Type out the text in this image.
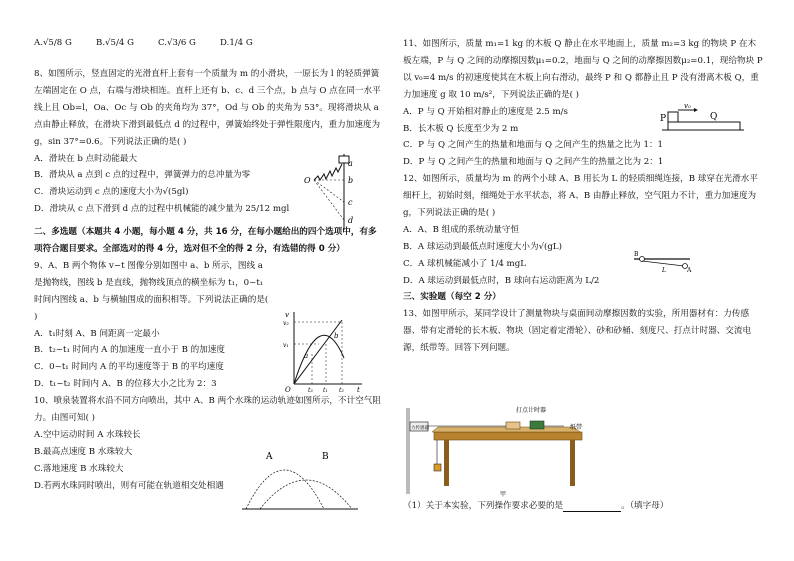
A.√5/8 G	B.√5/4 G	C.√3/6 G	D.1/4 G

8、如图所示，竖直固定的光滑直杆上套有一个质量为 m 的小滑块，一原长为 l 的轻质弹簧左端固定在 O 点，右端与滑块相连。直杆上还有 b、c、d 三个点，b 点与 O 点在同一水平线上且 Ob=l，Oa、Oc 与 Ob 的夹角均为 37°，Od 与 Ob 的夹角为 53°。现将滑块从 a 点由静止释放，在滑块下滑到最低点 d 的过程中，弹簧始终处于弹性限度内，重力加速度为 g，sin 37°=0.6。下列说法正确的是( )

A．滑块在 b 点时动能最大

B．滑块从 a 点到 c 点的过程中，弹簧弹力的总冲量为零

C．滑块运动到 c 点的速度大小为√(5gl)

D．滑块从 c 点下滑到 d 点的过程中机械能的减少量为 25/12 mgl

二、多选题（本题共 4 小题，每小题 4 分，共 16 分，在每小题给出的四个选项中，有多项符合题目要求。全部选对的得 4 分，选对但不全的得 2 分，有选错的得 0 分）

9、A、B 两个物体 v−t 图像分别如图中 a、b 所示，图线 a 是抛物线，图线 b 是直线，抛物线顶点的横坐标为 t₁，0~t₁ 时间内图线 a、b 与横轴围成的面积相等。下列说法正确的是( )

A．t₁时刻 A、B 间距离一定最小

B．t₂~t₁ 时间内 A 的加速度一直小于 B 的加速度

C．0~t₁ 时间内 A 的平均速度等于 B 的平均速度

D．t₁~t₂ 时间内 A、B 的位移大小之比为 2：3

10、喷泉装置将水沿不同方向喷出，其中 A、B 两个水珠的运动轨迹如图所示，不计空气阻力。由图可知( )

A.空中运动时间 A 水珠较长

B.最高点速度 B 水珠较大

C.落地速度 B 水珠较大

D.若两水珠同时喷出，则有可能在轨道相交处相遇

O
a
b
c
d
v
v₂
v₁
O	t₃ t₁ t₂ t
a
b
A	B

11、如图所示，质量 m₁=1 kg 的木板 Q 静止在水平地面上，质量 m₂=3 kg 的物块 P 在木板左端，P 与 Q 之间的动摩擦因数μ₁=0.2，地面与 Q 之间的动摩擦因数μ₂=0.1，现给物块 P 以 v₀=4 m/s 的初速度使其在木板上向右滑动，最终 P 和 Q 都静止且 P 没有滑离木板 Q，重力加速度 g 取 10 m/s²，下列说法正确的是( )

A．P 与 Q 开始相对静止的速度是 2.5 m/s

B．长木板 Q 长度至少为 2 m

C．P 与 Q 之间产生的热量和地面与 Q 之间产生的热量之比为 1：1

D．P 与 Q 之间产生的热量和地面与 Q 之间产生的热量之比为 2：1

12、如图所示，质量均为 m 的两个小球 A、B 用长为 L 的轻质细绳连接，B 球穿在光滑水平细杆上，初始时刻，细绳处于水平状态，将 A、B 由静止释放，空气阻力不计，重力加速度为 g，下列说法正确的是( )

A．A、B 组成的系统动量守恒

B．A 球运动到最低点时速度大小为√(gL)

C．A 球机械能减小了 1/4 mgL

D．A 球运动到最低点时，B 球向右运动距离为 L/2

三、实验题（每空 2 分）

13、如图甲所示，某同学设计了测量物块与桌面间动摩擦因数的实验，所用器材有：力传感器、带有定滑轮的长木板、物块（固定着定滑轮）、砂和砂桶、刻度尺、打点计时器、交流电源，纸带等。回答下列问题。

P
v₀
Q
B
L	A
力传感器
打点计时器
纸带
甲
（1）关于本实验，下列操作要求必要的是	。（填字母）
